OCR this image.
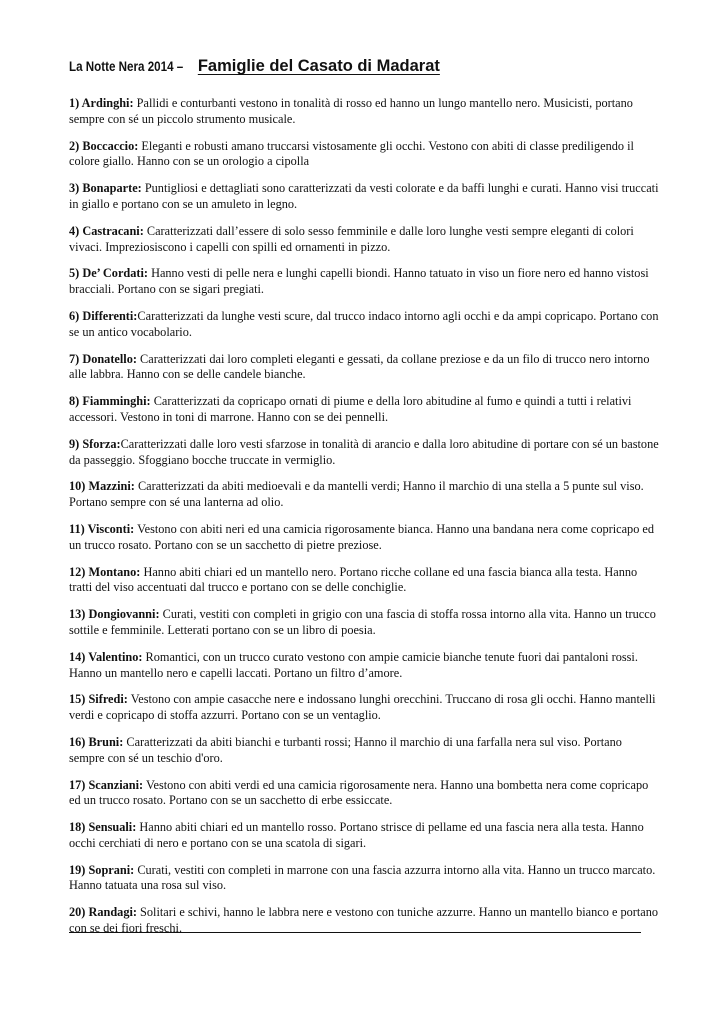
La Notte Nera 2014 – Famiglie del Casato di Madarat

1) Ardinghi: Pallidi e conturbanti vestono in tonalità di rosso ed hanno un lungo mantello nero. Musicisti, portano sempre con sé un piccolo strumento musicale.

2) Boccaccio: Eleganti e robusti amano truccarsi vistosamente gli occhi. Vestono con abiti di classe prediligendo il colore giallo. Hanno con se un orologio a cipolla

3) Bonaparte: Puntigliosi e dettagliati sono caratterizzati da vesti colorate e da baffi lunghi e curati. Hanno visi truccati in giallo e portano con se un amuleto in legno.

4) Castracani: Caratterizzati dall’essere di solo sesso femminile e dalle loro lunghe vesti sempre eleganti di colori vivaci. Impreziosiscono i capelli con spilli ed ornamenti in pizzo.

5) De’ Cordati: Hanno vesti di pelle nera e lunghi capelli biondi. Hanno tatuato in viso un fiore nero ed hanno vistosi bracciali. Portano con se sigari pregiati.

6) Differenti:Caratterizzati da lunghe vesti scure, dal trucco indaco intorno agli occhi e da ampi copricapo. Portano con se un antico vocabolario.

7) Donatello: Caratterizzati dai loro completi eleganti e gessati, da collane preziose e da un filo di trucco nero intorno alle labbra. Hanno con se delle candele bianche.

8) Fiamminghi: Caratterizzati da copricapo ornati di piume e della loro abitudine al fumo e quindi a tutti i relativi accessori. Vestono in toni di marrone. Hanno con se dei pennelli.

9) Sforza:Caratterizzati dalle loro vesti sfarzose in tonalità di arancio e dalla loro abitudine di portare con sé un bastone da passeggio. Sfoggiano bocche truccate in vermiglio.

10) Mazzini: Caratterizzati da abiti medioevali e da mantelli verdi; Hanno il marchio di una stella a 5 punte sul viso. Portano sempre con sé una lanterna ad olio.

11) Visconti: Vestono con abiti neri ed una camicia rigorosamente bianca. Hanno una bandana nera come copricapo ed un trucco rosato. Portano con se un sacchetto di pietre preziose.

12) Montano: Hanno abiti chiari ed un mantello nero. Portano ricche collane ed una fascia bianca alla testa. Hanno tratti del viso accentuati dal trucco e portano con se delle conchiglie.

13) Dongiovanni: Curati, vestiti con completi in grigio con una fascia di stoffa rossa intorno alla vita. Hanno un trucco sottile e femminile. Letterati portano con se un libro di poesia.

14) Valentino: Romantici, con un trucco curato vestono con ampie camicie bianche tenute fuori dai pantaloni rossi. Hanno un mantello nero e capelli laccati. Portano un filtro d’amore.

15) Sifredi: Vestono con ampie casacche nere e indossano lunghi orecchini. Truccano di rosa gli occhi. Hanno mantelli verdi e copricapo di stoffa azzurri. Portano con se un ventaglio.

16) Bruni: Caratterizzati da abiti bianchi e turbanti rossi; Hanno il marchio di una farfalla nera sul viso. Portano sempre con sé un teschio d'oro.

17) Scanziani: Vestono con abiti verdi ed una camicia rigorosamente nera. Hanno una bombetta nera come copricapo ed un trucco rosato. Portano con se un sacchetto di erbe essiccate.

18) Sensuali: Hanno abiti chiari ed un mantello rosso. Portano strisce di pellame ed una fascia nera alla testa. Hanno occhi cerchiati di nero e portano con se una scatola di sigari.

19) Soprani: Curati, vestiti con completi in marrone con una fascia azzurra intorno alla vita. Hanno un trucco marcato. Hanno tatuata una rosa sul viso.

20) Randagi: Solitari e schivi, hanno le labbra nere e vestono con tuniche azzurre. Hanno un mantello bianco e portano con se dei fiori freschi.
